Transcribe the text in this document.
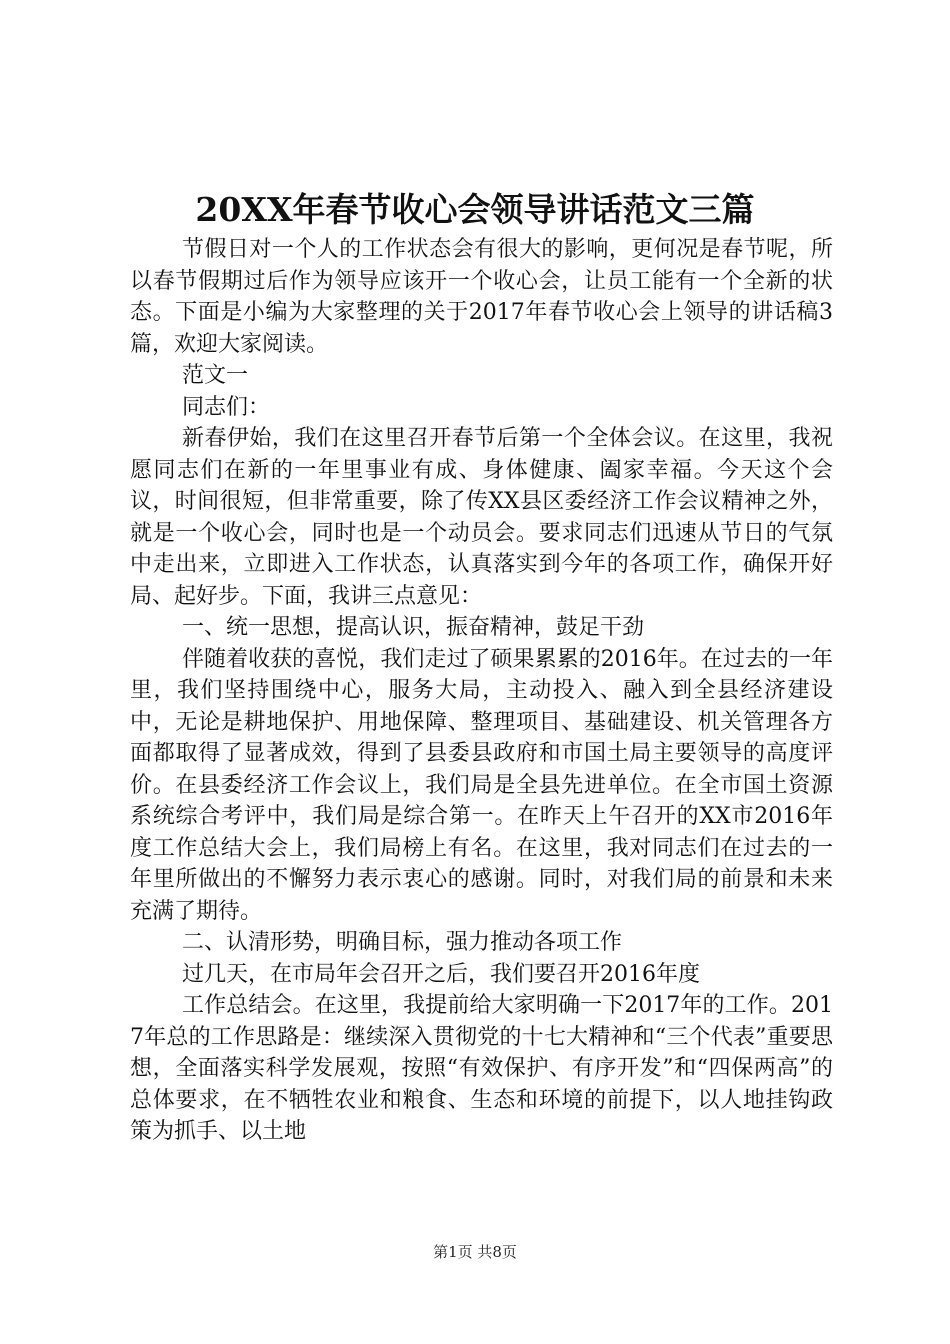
20XX年春节收心会领导讲话范文三篇

节假日对一个人的工作状态会有很大的影响，更何况是春节呢，所以春节假期过后作为领导应该开一个收心会，让员工能有一个全新的状态。下面是小编为大家整理的关于2017年春节收心会上领导的讲话稿3篇，欢迎大家阅读。

范文一

同志们：

新春伊始，我们在这里召开春节后第一个全体会议。在这里，我祝愿同志们在新的一年里事业有成、身体健康、阖家幸福。今天这个会议，时间很短，但非常重要，除了传XX县区委经济工作会议精神之外，就是一个收心会，同时也是一个动员会。要求同志们迅速从节日的气氛中走出来，立即进入工作状态，认真落实到今年的各项工作，确保开好局、起好步。下面，我讲三点意见：

一、统一思想，提高认识，振奋精神，鼓足干劲

伴随着收获的喜悦，我们走过了硕果累累的2016年。在过去的一年里，我们坚持围绕中心，服务大局，主动投入、融入到全县经济建设中，无论是耕地保护、用地保障、整理项目、基础建设、机关管理各方面都取得了显著成效，得到了县委县政府和市国土局主要领导的高度评价。在县委经济工作会议上，我们局是全县先进单位。在全市国土资源系统综合考评中，我们局是综合第一。在昨天上午召开的XX市2016年度工作总结大会上，我们局榜上有名。在这里，我对同志们在过去的一年里所做出的不懈努力表示衷心的感谢。同时，对我们局的前景和未来充满了期待。

二、认清形势，明确目标，强力推动各项工作

过几天，在市局年会召开之后，我们要召开2016年度

工作总结会。在这里，我提前给大家明确一下2017年的工作。2017年总的工作思路是：继续深入贯彻党的十七大精神和“三个代表”重要思想，全面落实科学发展观，按照“有效保护、有序开发”和“四保两高”的总体要求，在不牺牲农业和粮食、生态和环境的前提下，以人地挂钩政策为抓手、以土地

第1页 共8页
